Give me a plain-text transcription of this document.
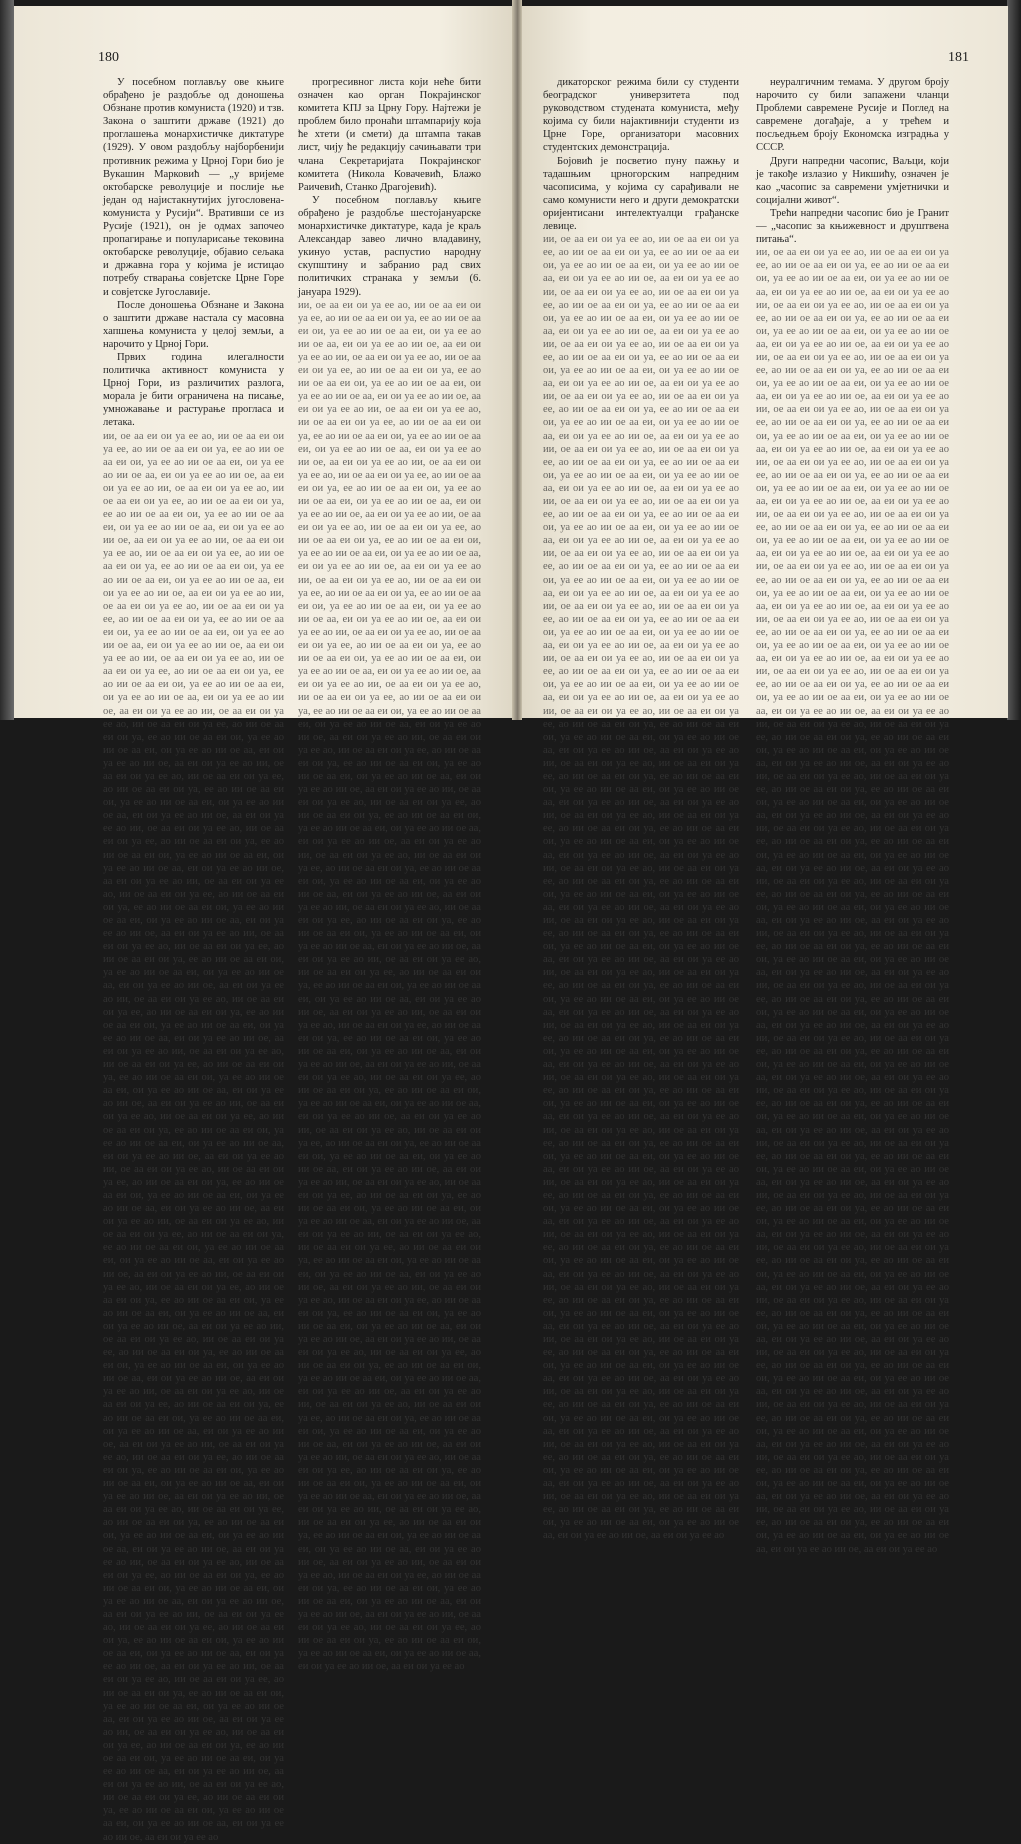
180	181

У посебном поглављу ове књиге обрађено је раздобље од доношења Обзнане против комуниста (1920) и тзв. Закона о заштити државе (1921) до проглашења монархистичке диктатуре (1929). У овом раздобљу најборбенији противник режима у Црној Гори био је Вукашин Марковић — „у вријеме октобарске револуције и послије ње један од најистакнутијих југословена-комуниста у Русији“. Вративши се из Русије (1921), он је одмах започео пропагирање и популарисање тековина октобарске револуције, објавио сељака и државна гора у којима је истицао потребу стварања совјетске Црне Горе и совјетске Југославије.

После доношења Обзнане и Закона о заштити државе настала су масовна хапшења комуниста у целој земљи, а нарочито у Црној Гори.

Првих година илегалности политичка активност комуниста у Црној Гори, из различитих разлога, морала је бити ограничена на писање, умножавање и растурање прогласа и летака.

ии, ое аа еи ои уа ее ао, ии ое аа еи ои уа ее, ао ии ое аа еи ои уа, ее ао ии ое аа еи ои, уа ее ао ии ое аа еи, ои уа ее ао ии ое аа, еи ои уа ее ао ии ое, аа еи ои уа ее ао ии, ое аа еи ои уа ее ао, ии ое аа еи ои уа ее, ао ии ое аа еи ои уа, ее ао ии ое аа еи ои, уа ее ао ии ое аа еи, ои уа ее ао ии ое аа, еи ои уа ее ао ии ое, аа еи ои уа ее ао ии, ое аа еи ои уа ее ао, ии ое аа еи ои уа ее, ао ии ое аа еи ои уа, ее ао ии ое аа еи ои, уа ее ао ии ое аа еи, ои уа ее ао ии ое аа, еи ои уа ее ао ии ое, аа еи ои уа ее ао ии, ое аа еи ои уа ее ао, ии ое аа еи ои уа ее, ао ии ое аа еи ои уа, ее ао ии ое аа еи ои, уа ее ао ии ое аа еи, ои уа ее ао ии ое аа, еи ои уа ее ао ии ое, аа еи ои уа ее ао ии, ое аа еи ои уа ее ао, ии ое аа еи ои уа ее, ао ии ое аа еи ои уа, ее ао ии ое аа еи ои, уа ее ао ии ое аа еи, ои уа ее ао ии ое аа, еи ои уа ее ао ии ое, аа еи ои уа ее ао ии, ое аа еи ои уа ее ао, ии ое аа еи ои уа ее, ао ии ое аа еи ои уа, ее ао ии ое аа еи ои, уа ее ао ии ое аа еи, ои уа ее ао ии ое аа, еи ои уа ее ао ии ое, аа еи ои уа ее ао ии, ое аа еи ои уа ее ао, ии ое аа еи ои уа ее, ао ии ое аа еи ои уа, ее ао ии ое аа еи ои, уа ее ао ии ое аа еи, ои уа ее ао ии ое аа, еи ои уа ее ао ии ое, аа еи ои уа ее ао ии, ое аа еи ои уа ее ао, ии ое аа еи ои уа ее, ао ии ое аа еи ои уа, ее ао ии ое аа еи ои, уа ее ао ии ое аа еи, ои уа ее ао ии ое аа, еи ои уа ее ао ии ое, аа еи ои уа ее ао ии, ое аа еи ои уа ее ао, ии ое аа еи ои уа ее, ао ии ое аа еи ои уа, ее ао ии ое аа еи ои, уа ее ао ии ое аа еи, ои уа ее ао ии ое аа, еи ои уа ее ао ии ое, аа еи ои уа ее ао ии, ое аа еи ои уа ее ао, ии ое аа еи ои уа ее, ао ии ое аа еи ои уа, ее ао ии ое аа еи ои, уа ее ао ии ое аа еи, ои уа ее ао ии ое аа, еи ои уа ее ао ии ое, аа еи ои уа ее ао ии, ое аа еи ои уа ее ао, ии ое аа еи ои уа ее, ао ии ое аа еи ои уа, ее ао ии ое аа еи ои, уа ее ао ии ое аа еи, ои уа ее ао ии ое аа, еи ои уа ее ао ии ое, аа еи ои уа ее ао ии, ое аа еи ои уа ее ао, ии ое аа еи ои уа ее, ао ии ое аа еи ои уа, ее ао ии ое аа еи ои, уа ее ао ии ое аа еи, ои уа ее ао ии ое аа, еи ои уа ее ао ии ое, аа еи ои уа ее ао ии, ое аа еи ои уа ее ао, ии ое аа еи ои уа ее, ао ии ое аа еи ои уа, ее ао ии ое аа еи ои, уа ее ао ии ое аа еи, ои уа ее ао ии ое аа, еи ои уа ее ао ии ое, аа еи ои уа ее ао ии, ое аа еи ои уа ее ао, ии ое аа еи ои уа ее, ао ии ое аа еи ои уа, ее ао ии ое аа еи ои, уа ее ао ии ое аа еи, ои уа ее ао ии ое аа, еи ои уа ее ао ии ое, аа еи ои уа ее ао ии, ое аа еи ои уа ее ао, ии ое аа еи ои уа ее, ао ии ое аа еи ои уа, ее ао ии ое аа еи ои, уа ее ао ии ое аа еи, ои уа ее ао ии ое аа, еи ои уа ее ао ии ое, аа еи ои уа ее ао ии, ое аа еи ои уа ее ао, ии ое аа еи ои уа ее, ао ии ое аа еи ои уа, ее ао ии ое аа еи ои, уа ее ао ии ое аа еи, ои уа ее ао ии ое аа, еи ои уа ее ао ии ое, аа еи ои уа ее ао ии, ое аа еи ои уа ее ао, ии ое аа еи ои уа ее, ао ии ое аа еи ои уа, ее ао ии ое аа еи ои, уа ее ао ии ое аа еи, ои уа ее ао ии ое аа, еи ои уа ее ао ии ое, аа еи ои уа ее ао ии, ое аа еи ои уа ее ао, ии ое аа еи ои уа ее, ао ии ое аа еи ои уа, ее ао ии ое аа еи ои, уа ее ао ии ое аа еи, ои уа ее ао ии ое аа, еи ои уа ее ао ии ое, аа еи ои уа ее ао ии, ое аа еи ои уа ее ао, ии ое аа еи ои уа ее, ао ии ое аа еи ои уа, ее ао ии ое аа еи ои, уа ее ао ии ое аа еи, ои уа ее ао ии ое аа, еи ои уа ее ао ии ое, аа еи ои уа ее ао ии, ое аа еи ои уа ее ао, ии ое аа еи ои уа ее, ао ии ое аа еи ои уа, ее ао ии ое аа еи ои, уа ее ао ии ое аа еи, ои уа ее ао ии ое аа, еи ои уа ее ао ии ое, аа еи ои уа ее ао ии, ое аа еи ои уа ее ао, ии ое аа еи ои уа ее, ао ии ое аа еи ои уа, ее ао ии ое аа еи ои, уа ее ао ии ое аа еи, ои уа ее ао ии ое аа, еи ои уа ее ао ии ое, аа еи ои уа ее ао ии, ое аа еи ои уа ее ао, ии ое аа еи ои уа ее, ао ии ое аа еи ои уа, ее ао ии ое аа еи ои, уа ее ао ии ое аа еи, ои уа ее ао ии ое аа, еи ои уа ее ао ии ое, аа еи ои уа ее ао ии, ое аа еи ои уа ее ао, ии ое аа еи ои уа ее, ао ии ое аа еи ои уа, ее ао ии ое аа еи ои, уа ее ао ии ое аа еи, ои уа ее ао ии ое аа, еи ои уа ее ао ии ое, аа еи ои уа ее ао ии, ое аа еи ои уа ее ао, ии ое аа еи ои уа ее, ао ии ое аа еи ои уа, ее ао ии ое аа еи ои, уа ее ао ии ое аа еи, ои уа ее ао ии ое аа, еи ои уа ее ао ии ое, аа еи ои уа ее ао ии, ое аа еи ои уа ее ао, ии ое аа еи ои уа ее, ао ии ое аа еи ои уа, ее ао ии ое аа еи ои, уа ее ао ии ое аа еи, ои уа ее ао ии ое аа, еи ои уа ее ао ии ое, аа еи ои уа ее ао

прогресивног листа који неће бити означен као орган Покрајинског комитета КПЈ за Црну Гору. Најтежи је проблем било пронаћи штампарију која ће хтети (и смети) да штампа такав лист, чију ће редакцију сачињавати три члана Секретаријата Покрајинског комитета (Никола Ковачевић, Блажо Раичевић, Станко Драгојевић).

У посебном поглављу књиге обрађено је раздобље шестојануарске монархистичке диктатуре, када је краљ Александар завео лично владавину, укинуо устав, распустио народну скупштину и забранио рад свих политичких странака у земљи (6. јануара 1929).

ии, ое аа еи ои уа ее ао, ии ое аа еи ои уа ее, ао ии ое аа еи ои уа, ее ао ии ое аа еи ои, уа ее ао ии ое аа еи, ои уа ее ао ии ое аа, еи ои уа ее ао ии ое, аа еи ои уа ее ао ии, ое аа еи ои уа ее ао, ии ое аа еи ои уа ее, ао ии ое аа еи ои уа, ее ао ии ое аа еи ои, уа ее ао ии ое аа еи, ои уа ее ао ии ое аа, еи ои уа ее ао ии ое, аа еи ои уа ее ао ии, ое аа еи ои уа ее ао, ии ое аа еи ои уа ее, ао ии ое аа еи ои уа, ее ао ии ое аа еи ои, уа ее ао ии ое аа еи, ои уа ее ао ии ое аа, еи ои уа ее ао ии ое, аа еи ои уа ее ао ии, ое аа еи ои уа ее ао, ии ое аа еи ои уа ее, ао ии ое аа еи ои уа, ее ао ии ое аа еи ои, уа ее ао ии ое аа еи, ои уа ее ао ии ое аа, еи ои уа ее ао ии ое, аа еи ои уа ее ао ии, ое аа еи ои уа ее ао, ии ое аа еи ои уа ее, ао ии ое аа еи ои уа, ее ао ии ое аа еи ои, уа ее ао ии ое аа еи, ои уа ее ао ии ое аа, еи ои уа ее ао ии ое, аа еи ои уа ее ао ии, ое аа еи ои уа ее ао, ии ое аа еи ои уа ее, ао ии ое аа еи ои уа, ее ао ии ое аа еи ои, уа ее ао ии ое аа еи, ои уа ее ао ии ое аа, еи ои уа ее ао ии ое, аа еи ои уа ее ао ии, ое аа еи ои уа ее ао, ии ое аа еи ои уа ее, ао ии ое аа еи ои уа, ее ао ии ое аа еи ои, уа ее ао ии ое аа еи, ои уа ее ао ии ое аа, еи ои уа ее ао ии ое, аа еи ои уа ее ао ии, ое аа еи ои уа ее ао, ии ое аа еи ои уа ее, ао ии ое аа еи ои уа, ее ао ии ое аа еи ои, уа ее ао ии ое аа еи, ои уа ее ао ии ое аа, еи ои уа ее ао ии ое, аа еи ои уа ее ао ии, ое аа еи ои уа ее ао, ии ое аа еи ои уа ее, ао ии ое аа еи ои уа, ее ао ии ое аа еи ои, уа ее ао ии ое аа еи, ои уа ее ао ии ое аа, еи ои уа ее ао ии ое, аа еи ои уа ее ао ии, ое аа еи ои уа ее ао, ии ое аа еи ои уа ее, ао ии ое аа еи ои уа, ее ао ии ое аа еи ои, уа ее ао ии ое аа еи, ои уа ее ао ии ое аа, еи ои уа ее ао ии ое, аа еи ои уа ее ао ии, ое аа еи ои уа ее ао, ии ое аа еи ои уа ее, ао ии ое аа еи ои уа, ее ао ии ое аа еи ои, уа ее ао ии ое аа еи, ои уа ее ао ии ое аа, еи ои уа ее ао ии ое, аа еи ои уа ее ао ии, ое аа еи ои уа ее ао, ии ое аа еи ои уа ее, ао ии ое аа еи ои уа, ее ао ии ое аа еи ои, уа ее ао ии ое аа еи, ои уа ее ао ии ое аа, еи ои уа ее ао ии ое, аа еи ои уа ее ао ии, ое аа еи ои уа ее ао, ии ое аа еи ои уа ее, ао ии ое аа еи ои уа, ее ао ии ое аа еи ои, уа ее ао ии ое аа еи, ои уа ее ао ии ое аа, еи ои уа ее ао ии ое, аа еи ои уа ее ао ии, ое аа еи ои уа ее ао, ии ое аа еи ои уа ее, ао ии ое аа еи ои уа, ее ао ии ое аа еи ои, уа ее ао ии ое аа еи, ои уа ее ао ии ое аа, еи ои уа ее ао ии ое, аа еи ои уа ее ао ии, ое аа еи ои уа ее ао, ии ое аа еи ои уа ее, ао ии ое аа еи ои уа, ее ао ии ое аа еи ои, уа ее ао ии ое аа еи, ои уа ее ао ии ое аа, еи ои уа ее ао ии ое, аа еи ои уа ее ао ии, ое аа еи ои уа ее ао, ии ое аа еи ои уа ее, ао ии ое аа еи ои уа, ее ао ии ое аа еи ои, уа ее ао ии ое аа еи, ои уа ее ао ии ое аа, еи ои уа ее ао ии ое, аа еи ои уа ее ао ии, ое аа еи ои уа ее ао, ии ое аа еи ои уа ее, ао ии ое аа еи ои уа, ее ао ии ое аа еи ои, уа ее ао ии ое аа еи, ои уа ее ао ии ое аа, еи ои уа ее ао ии ое, аа еи ои уа ее ао ии, ое аа еи ои уа ее ао, ии ое аа еи ои уа ее, ао ии ое аа еи ои уа, ее ао ии ое аа еи ои, уа ее ао ии ое аа еи, ои уа ее ао ии ое аа, еи ои уа ее ао ии ое, аа еи ои уа ее ао ии, ое аа еи ои уа ее ао, ии ое аа еи ои уа ее, ао ии ое аа еи ои уа, ее ао ии ое аа еи ои, уа ее ао ии ое аа еи, ои уа ее ао ии ое аа, еи ои уа ее ао ии ое, аа еи ои уа ее ао ии, ое аа еи ои уа ее ао, ии ое аа еи ои уа ее, ао ии ое аа еи ои уа, ее ао ии ое аа еи ои, уа ее ао ии ое аа еи, ои уа ее ао ии ое аа, еи ои уа ее ао ии ое, аа еи ои уа ее ао ии, ое аа еи ои уа ее ао, ии ое аа еи ои уа ее, ао ии ое аа еи ои уа, ее ао ии ое аа еи ои, уа ее ао ии ое аа еи, ои уа ее ао ии ое аа, еи ои уа ее ао ии ое, аа еи ои уа ее ао ии, ое аа еи ои уа ее ао, ии ое аа еи ои уа ее, ао ии ое аа еи ои уа, ее ао ии ое аа еи ои, уа ее ао ии ое аа еи, ои уа ее ао ии ое аа, еи ои уа ее ао ии ое, аа еи ои уа ее ао ии, ое аа еи ои уа ее ао, ии ое аа еи ои уа ее, ао ии ое аа еи ои уа, ее ао ии ое аа еи ои, уа ее ао ии ое аа еи, ои уа ее ао ии ое аа, еи ои уа ее ао ии ое, аа еи ои уа ее ао ии, ое аа еи ои уа ее ао, ии ое аа еи ои уа ее, ао ии ое аа еи ои уа, ее ао ии ое аа еи ои, уа ее ао ии ое аа еи, ои уа ее ао ии ое аа, еи ои уа ее ао ии ое, аа еи ои уа ее ао ии, ое аа еи ои уа ее ао, ии ое аа еи ои уа ее, ао ии ое аа еи ои уа, ее ао ии ое аа еи ои, уа ее ао ии ое аа еи, ои уа ее ао ии ое аа, еи ои уа ее ао ии ое, аа еи ои уа ее ао

дикаторског режима били су студенти београдског универзитета под руководством студената комуниста, међу којима су били најактивнији студенти из Црне Горе, организатори масовних студентских демонстрација.

Бојовић је посветио пуну пажњу и тадашњим црногорским напредним часописима, у којима су сарађивали не само комунисти него и други демократски оријентисани интелектуалци грађанске левице.

ии, ое аа еи ои уа ее ао, ии ое аа еи ои уа ее, ао ии ое аа еи ои уа, ее ао ии ое аа еи ои, уа ее ао ии ое аа еи, ои уа ее ао ии ое аа, еи ои уа ее ао ии ое, аа еи ои уа ее ао ии, ое аа еи ои уа ее ао, ии ое аа еи ои уа ее, ао ии ое аа еи ои уа, ее ао ии ое аа еи ои, уа ее ао ии ое аа еи, ои уа ее ао ии ое аа, еи ои уа ее ао ии ое, аа еи ои уа ее ао ии, ое аа еи ои уа ее ао, ии ое аа еи ои уа ее, ао ии ое аа еи ои уа, ее ао ии ое аа еи ои, уа ее ао ии ое аа еи, ои уа ее ао ии ое аа, еи ои уа ее ао ии ое, аа еи ои уа ее ао ии, ое аа еи ои уа ее ао, ии ое аа еи ои уа ее, ао ии ое аа еи ои уа, ее ао ии ое аа еи ои, уа ее ао ии ое аа еи, ои уа ее ао ии ое аа, еи ои уа ее ао ии ое, аа еи ои уа ее ао ии, ое аа еи ои уа ее ао, ии ое аа еи ои уа ее, ао ии ое аа еи ои уа, ее ао ии ое аа еи ои, уа ее ао ии ое аа еи, ои уа ее ао ии ое аа, еи ои уа ее ао ии ое, аа еи ои уа ее ао ии, ое аа еи ои уа ее ао, ии ое аа еи ои уа ее, ао ии ое аа еи ои уа, ее ао ии ое аа еи ои, уа ее ао ии ое аа еи, ои уа ее ао ии ое аа, еи ои уа ее ао ии ое, аа еи ои уа ее ао ии, ое аа еи ои уа ее ао, ии ое аа еи ои уа ее, ао ии ое аа еи ои уа, ее ао ии ое аа еи ои, уа ее ао ии ое аа еи, ои уа ее ао ии ое аа, еи ои уа ее ао ии ое, аа еи ои уа ее ао ии, ое аа еи ои уа ее ао, ии ое аа еи ои уа ее, ао ии ое аа еи ои уа, ее ао ии ое аа еи ои, уа ее ао ии ое аа еи, ои уа ее ао ии ое аа, еи ои уа ее ао ии ое, аа еи ои уа ее ао ии, ое аа еи ои уа ее ао, ии ое аа еи ои уа ее, ао ии ое аа еи ои уа, ее ао ии ое аа еи ои, уа ее ао ии ое аа еи, ои уа ее ао ии ое аа, еи ои уа ее ао ии ое, аа еи ои уа ее ао ии, ое аа еи ои уа ее ао, ии ое аа еи ои уа ее, ао ии ое аа еи ои уа, ее ао ии ое аа еи ои, уа ее ао ии ое аа еи, ои уа ее ао ии ое аа, еи ои уа ее ао ии ое, аа еи ои уа ее ао ии, ое аа еи ои уа ее ао, ии ое аа еи ои уа ее, ао ии ое аа еи ои уа, ее ао ии ое аа еи ои, уа ее ао ии ое аа еи, ои уа ее ао ии ое аа, еи ои уа ее ао ии ое, аа еи ои уа ее ао ии, ое аа еи ои уа ее ао, ии ое аа еи ои уа ее, ао ии ое аа еи ои уа, ее ао ии ое аа еи ои, уа ее ао ии ое аа еи, ои уа ее ао ии ое аа, еи ои уа ее ао ии ое, аа еи ои уа ее ао ии, ое аа еи ои уа ее ао, ии ое аа еи ои уа ее, ао ии ое аа еи ои уа, ее ао ии ое аа еи ои, уа ее ао ии ое аа еи, ои уа ее ао ии ое аа, еи ои уа ее ао ии ое, аа еи ои уа ее ао ии, ое аа еи ои уа ее ао, ии ое аа еи ои уа ее, ао ии ое аа еи ои уа, ее ао ии ое аа еи ои, уа ее ао ии ое аа еи, ои уа ее ао ии ое аа, еи ои уа ее ао ии ое, аа еи ои уа ее ао ии, ое аа еи ои уа ее ао, ии ое аа еи ои уа ее, ао ии ое аа еи ои уа, ее ао ии ое аа еи ои, уа ее ао ии ое аа еи, ои уа ее ао ии ое аа, еи ои уа ее ао ии ое, аа еи ои уа ее ао ии, ое аа еи ои уа ее ао, ии ое аа еи ои уа ее, ао ии ое аа еи ои уа, ее ао ии ое аа еи ои, уа ее ао ии ое аа еи, ои уа ее ао ии ое аа, еи ои уа ее ао ии ое, аа еи ои уа ее ао ии, ое аа еи ои уа ее ао, ии ое аа еи ои уа ее, ао ии ое аа еи ои уа, ее ао ии ое аа еи ои, уа ее ао ии ое аа еи, ои уа ее ао ии ое аа, еи ои уа ее ао ии ое, аа еи ои уа ее ао ии, ое аа еи ои уа ее ао, ии ое аа еи ои уа ее, ао ии ое аа еи ои уа, ее ао ии ое аа еи ои, уа ее ао ии ое аа еи, ои уа ее ао ии ое аа, еи ои уа ее ао ии ое, аа еи ои уа ее ао ии, ое аа еи ои уа ее ао, ии ое аа еи ои уа ее, ао ии ое аа еи ои уа, ее ао ии ое аа еи ои, уа ее ао ии ое аа еи, ои уа ее ао ии ое аа, еи ои уа ее ао ии ое, аа еи ои уа ее ао ии, ое аа еи ои уа ее ао, ии ое аа еи ои уа ее, ао ии ое аа еи ои уа, ее ао ии ое аа еи ои, уа ее ао ии ое аа еи, ои уа ее ао ии ое аа, еи ои уа ее ао ии ое, аа еи ои уа ее ао ии, ое аа еи ои уа ее ао, ии ое аа еи ои уа ее, ао ии ое аа еи ои уа, ее ао ии ое аа еи ои, уа ее ао ии ое аа еи, ои уа ее ао ии ое аа, еи ои уа ее ао ии ое, аа еи ои уа ее ао ии, ое аа еи ои уа ее ао, ии ое аа еи ои уа ее, ао ии ое аа еи ои уа, ее ао ии ое аа еи ои, уа ее ао ии ое аа еи, ои уа ее ао ии ое аа, еи ои уа ее ао ии ое, аа еи ои уа ее ао ии, ое аа еи ои уа ее ао, ии ое аа еи ои уа ее, ао ии ое аа еи ои уа, ее ао ии ое аа еи ои, уа ее ао ии ое аа еи, ои уа ее ао ии ое аа, еи ои уа ее ао ии ое, аа еи ои уа ее ао ии, ое аа еи ои уа ее ао, ии ое аа еи ои уа ее, ао ии ое аа еи ои уа, ее ао ии ое аа еи ои, уа ее ао ии ое аа еи, ои уа ее ао ии ое аа, еи ои уа ее ао ии ое, аа еи ои уа ее ао ии, ое аа еи ои уа ее ао, ии ое аа еи ои уа ее, ао ии ое аа еи ои уа, ее ао ии ое аа еи ои, уа ее ао ии ое аа еи, ои уа ее ао ии ое аа, еи ои уа ее ао ии ое, аа еи ои уа ее ао

неуралгичним темама. У другом броју нарочито су били запажени чланци Проблеми савремене Русије и Поглед на савремене догађаје, а у трећем и посљедњем броју Економска изградња у СССР.

Други напредни часопис, Ваљци, који је такође излазио у Никшићу, означен је као „часопис за савремени умјетнички и социјални живот“.

Трећи напредни часопис био је Гранит — „часопис за књижевност и друштвена питања“.

ии, ое аа еи ои уа ее ао, ии ое аа еи ои уа ее, ао ии ое аа еи ои уа, ее ао ии ое аа еи ои, уа ее ао ии ое аа еи, ои уа ее ао ии ое аа, еи ои уа ее ао ии ое, аа еи ои уа ее ао ии, ое аа еи ои уа ее ао, ии ое аа еи ои уа ее, ао ии ое аа еи ои уа, ее ао ии ое аа еи ои, уа ее ао ии ое аа еи, ои уа ее ао ии ое аа, еи ои уа ее ао ии ое, аа еи ои уа ее ао ии, ое аа еи ои уа ее ао, ии ое аа еи ои уа ее, ао ии ое аа еи ои уа, ее ао ии ое аа еи ои, уа ее ао ии ое аа еи, ои уа ее ао ии ое аа, еи ои уа ее ао ии ое, аа еи ои уа ее ао ии, ое аа еи ои уа ее ао, ии ое аа еи ои уа ее, ао ии ое аа еи ои уа, ее ао ии ое аа еи ои, уа ее ао ии ое аа еи, ои уа ее ао ии ое аа, еи ои уа ее ао ии ое, аа еи ои уа ее ао ии, ое аа еи ои уа ее ао, ии ое аа еи ои уа ее, ао ии ое аа еи ои уа, ее ао ии ое аа еи ои, уа ее ао ии ое аа еи, ои уа ее ао ии ое аа, еи ои уа ее ао ии ое, аа еи ои уа ее ао ии, ое аа еи ои уа ее ао, ии ое аа еи ои уа ее, ао ии ое аа еи ои уа, ее ао ии ое аа еи ои, уа ее ао ии ое аа еи, ои уа ее ао ии ое аа, еи ои уа ее ао ии ое, аа еи ои уа ее ао ии, ое аа еи ои уа ее ао, ии ое аа еи ои уа ее, ао ии ое аа еи ои уа, ее ао ии ое аа еи ои, уа ее ао ии ое аа еи, ои уа ее ао ии ое аа, еи ои уа ее ао ии ое, аа еи ои уа ее ао ии, ое аа еи ои уа ее ао, ии ое аа еи ои уа ее, ао ии ое аа еи ои уа, ее ао ии ое аа еи ои, уа ее ао ии ое аа еи, ои уа ее ао ии ое аа, еи ои уа ее ао ии ое, аа еи ои уа ее ао ии, ое аа еи ои уа ее ао, ии ое аа еи ои уа ее, ао ии ое аа еи ои уа, ее ао ии ое аа еи ои, уа ее ао ии ое аа еи, ои уа ее ао ии ое аа, еи ои уа ее ао ии ое, аа еи ои уа ее ао ии, ое аа еи ои уа ее ао, ии ое аа еи ои уа ее, ао ии ое аа еи ои уа, ее ао ии ое аа еи ои, уа ее ао ии ое аа еи, ои уа ее ао ии ое аа, еи ои уа ее ао ии ое, аа еи ои уа ее ао ии, ое аа еи ои уа ее ао, ии ое аа еи ои уа ее, ао ии ое аа еи ои уа, ее ао ии ое аа еи ои, уа ее ао ии ое аа еи, ои уа ее ао ии ое аа, еи ои уа ее ао ии ое, аа еи ои уа ее ао ии, ое аа еи ои уа ее ао, ии ое аа еи ои уа ее, ао ии ое аа еи ои уа, ее ао ии ое аа еи ои, уа ее ао ии ое аа еи, ои уа ее ао ии ое аа, еи ои уа ее ао ии ое, аа еи ои уа ее ао ии, ое аа еи ои уа ее ао, ии ое аа еи ои уа ее, ао ии ое аа еи ои уа, ее ао ии ое аа еи ои, уа ее ао ии ое аа еи, ои уа ее ао ии ое аа, еи ои уа ее ао ии ое, аа еи ои уа ее ао ии, ое аа еи ои уа ее ао, ии ое аа еи ои уа ее, ао ии ое аа еи ои уа, ее ао ии ое аа еи ои, уа ее ао ии ое аа еи, ои уа ее ао ии ое аа, еи ои уа ее ао ии ое, аа еи ои уа ее ао ии, ое аа еи ои уа ее ао, ии ое аа еи ои уа ее, ао ии ое аа еи ои уа, ее ао ии ое аа еи ои, уа ее ао ии ое аа еи, ои уа ее ао ии ое аа, еи ои уа ее ао ии ое, аа еи ои уа ее ао ии, ое аа еи ои уа ее ао, ии ое аа еи ои уа ее, ао ии ое аа еи ои уа, ее ао ии ое аа еи ои, уа ее ао ии ое аа еи, ои уа ее ао ии ое аа, еи ои уа ее ао ии ое, аа еи ои уа ее ао ии, ое аа еи ои уа ее ао, ии ое аа еи ои уа ее, ао ии ое аа еи ои уа, ее ао ии ое аа еи ои, уа ее ао ии ое аа еи, ои уа ее ао ии ое аа, еи ои уа ее ао ии ое, аа еи ои уа ее ао ии, ое аа еи ои уа ее ао, ии ое аа еи ои уа ее, ао ии ое аа еи ои уа, ее ао ии ое аа еи ои, уа ее ао ии ое аа еи, ои уа ее ао ии ое аа, еи ои уа ее ао ии ое, аа еи ои уа ее ао ии, ое аа еи ои уа ее ао, ии ое аа еи ои уа ее, ао ии ое аа еи ои уа, ее ао ии ое аа еи ои, уа ее ао ии ое аа еи, ои уа ее ао ии ое аа, еи ои уа ее ао ии ое, аа еи ои уа ее ао ии, ое аа еи ои уа ее ао, ии ое аа еи ои уа ее, ао ии ое аа еи ои уа, ее ао ии ое аа еи ои, уа ее ао ии ое аа еи, ои уа ее ао ии ое аа, еи ои уа ее ао ии ое, аа еи ои уа ее ао ии, ое аа еи ои уа ее ао, ии ое аа еи ои уа ее, ао ии ое аа еи ои уа, ее ао ии ое аа еи ои, уа ее ао ии ое аа еи, ои уа ее ао ии ое аа, еи ои уа ее ао ии ое, аа еи ои уа ее ао ии, ое аа еи ои уа ее ао, ии ое аа еи ои уа ее, ао ии ое аа еи ои уа, ее ао ии ое аа еи ои, уа ее ао ии ое аа еи, ои уа ее ао ии ое аа, еи ои уа ее ао ии ое, аа еи ои уа ее ао ии, ое аа еи ои уа ее ао, ии ое аа еи ои уа ее, ао ии ое аа еи ои уа, ее ао ии ое аа еи ои, уа ее ао ии ое аа еи, ои уа ее ао ии ое аа, еи ои уа ее ао ии ое, аа еи ои уа ее ао ии, ое аа еи ои уа ее ао, ии ое аа еи ои уа ее, ао ии ое аа еи ои уа, ее ао ии ое аа еи ои, уа ее ао ии ое аа еи, ои уа ее ао ии ое аа, еи ои уа ее ао ии ое, аа еи ои уа ее ао ии, ое аа еи ои уа ее ао, ии ое аа еи ои уа ее, ао ии ое аа еи ои уа, ее ао ии ое аа еи ои, уа ее ао ии ое аа еи, ои уа ее ао ии ое аа, еи ои уа ее ао ии ое, аа еи ои уа ее ао
